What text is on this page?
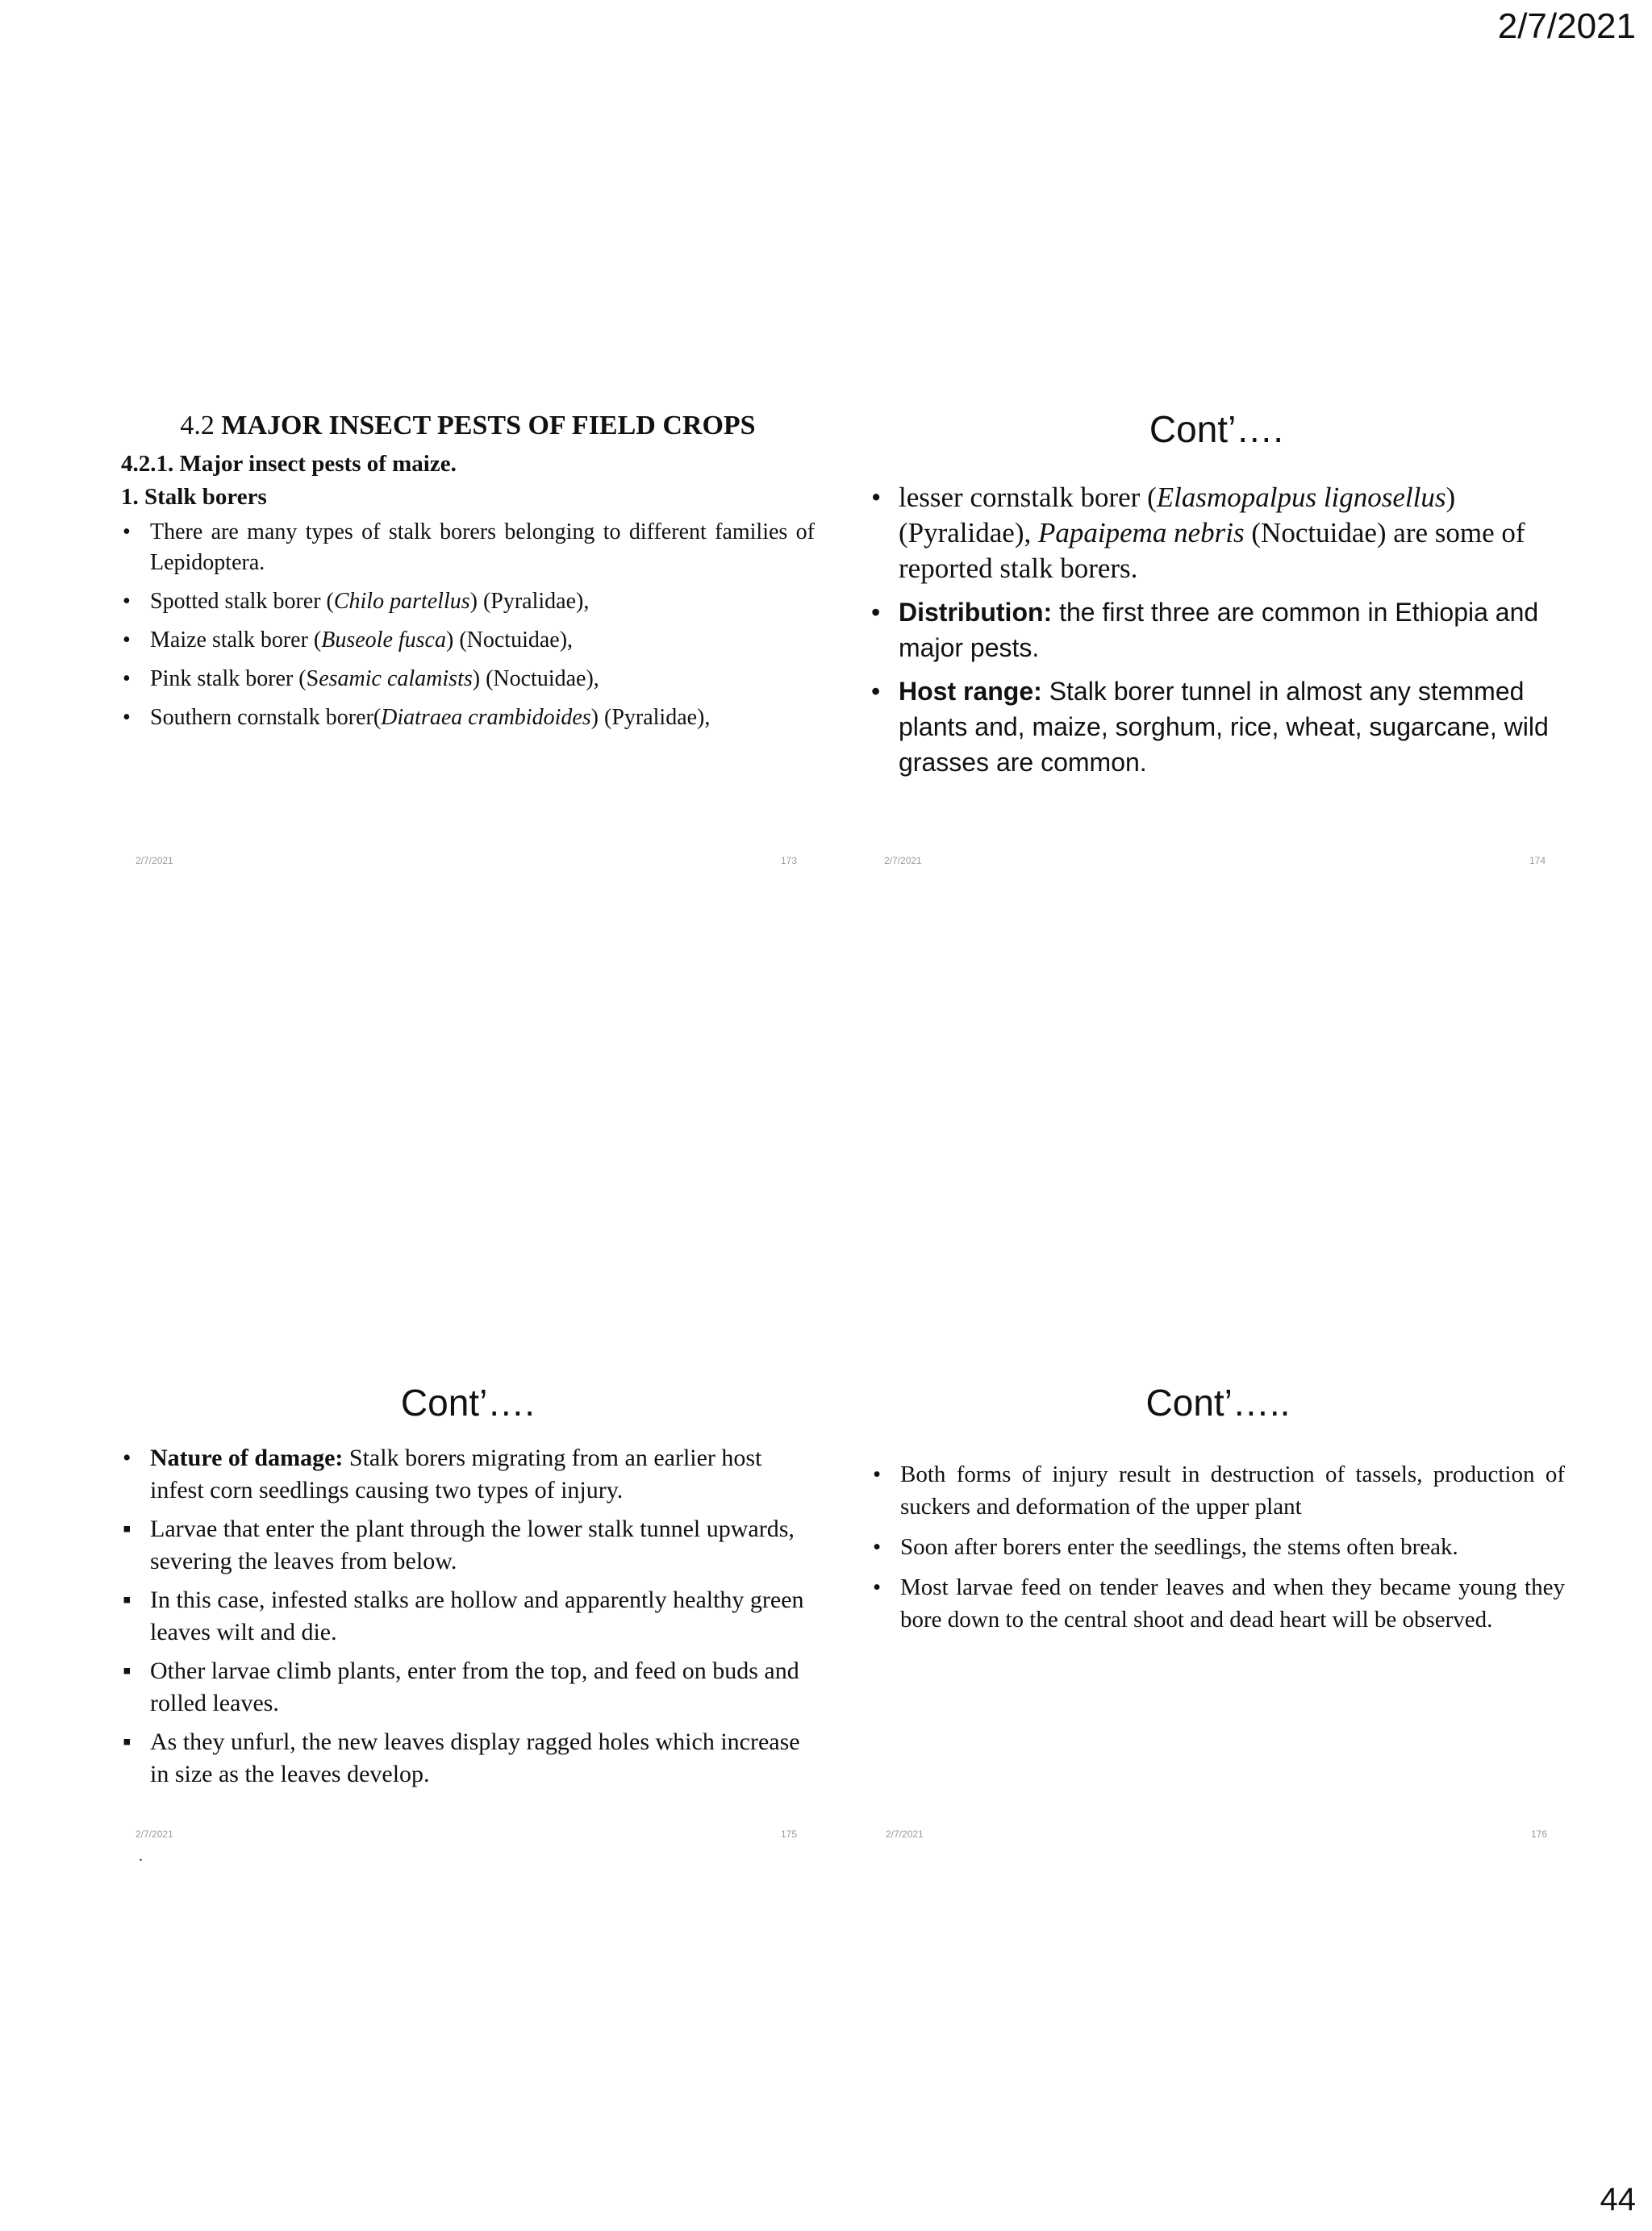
2/7/2021

4.2 MAJOR INSECT PESTS OF FIELD CROPS

4.2.1. Major insect pests of maize.
1. Stalk borers
• There are many types of stalk borers belonging to different families of Lepidoptera.
• Spotted stalk borer (Chilo partellus) (Pyralidae),
• Maize stalk borer (Buseole fusca) (Noctuidae),
• Pink stalk borer (Sesamic calamists) (Noctuidae),
• Southern cornstalk borer(Diatraea crambidoides) (Pyralidae),
2/7/2021	173

Cont’….

• lesser cornstalk borer (Elasmopalpus lignosellus) (Pyralidae), Papaipema nebris (Noctuidae) are some of reported stalk borers.
• Distribution: the first three are common in Ethiopia and major pests.
• Host range: Stalk borer tunnel in almost any stemmed plants and, maize, sorghum, rice, wheat, sugarcane, wild grasses are common.
2/7/2021	174

Cont’….

• Nature of damage: Stalk borers migrating from an earlier host infest corn seedlings causing two types of injury.
▪ Larvae that enter the plant through the lower stalk tunnel upwards, severing the leaves from below.
▪ In this case, infested stalks are hollow and apparently healthy green leaves wilt and die.
▪ Other larvae climb plants, enter from the top, and feed on buds and rolled leaves.
▪ As they unfurl, the new leaves display ragged holes which increase in size as the leaves develop.
2/7/2021	175
.

Cont’…..

• Both forms of injury result in destruction of tassels, production of suckers and deformation of the upper plant
• Soon after borers enter the seedlings, the stems often break.
• Most larvae feed on tender leaves and when they became young they bore down to the central shoot and dead heart will be observed.
2/7/2021	176
44
